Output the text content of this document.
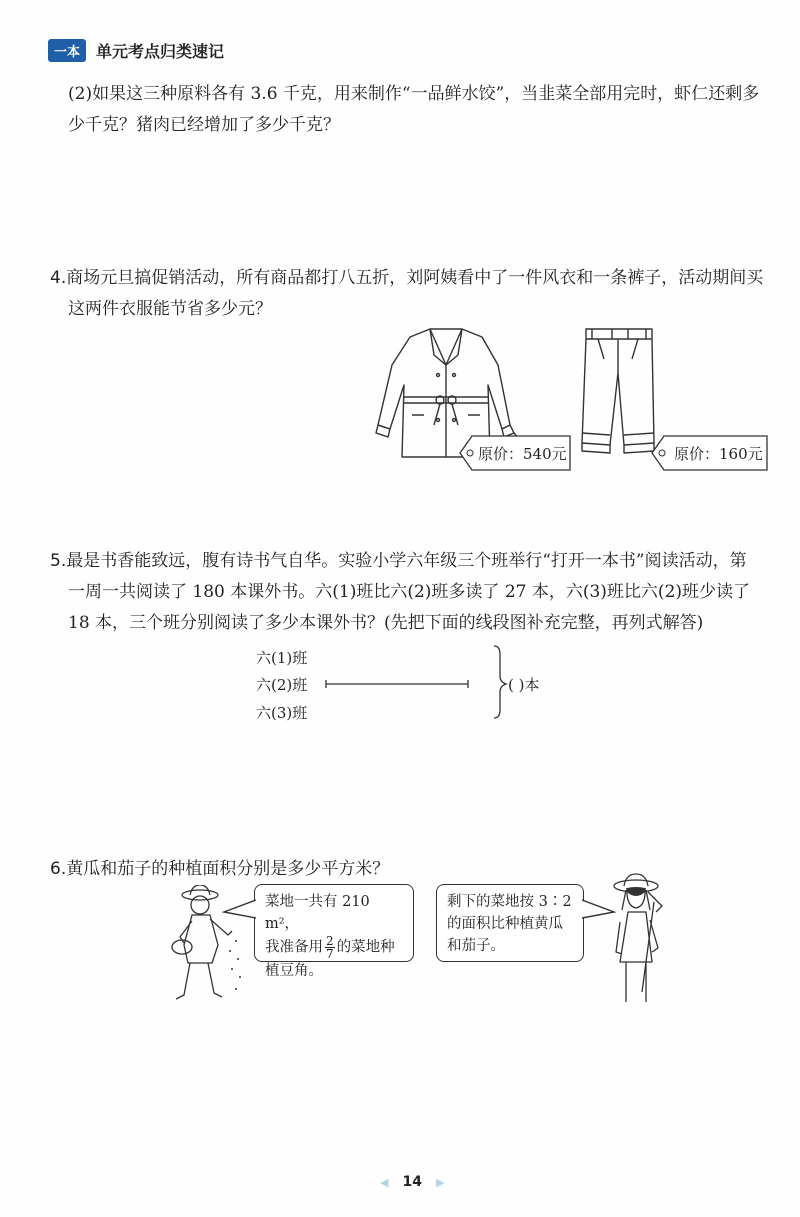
一本	单元考点归类速记
(2)如果这三种原料各有 3.6 千克，用来制作“一品鲜水饺”，当韭菜全部用完时，虾仁还剩多
少千克？猪肉已经增加了多少千克？
4.商场元旦搞促销活动，所有商品都打八五折，刘阿姨看中了一件风衣和一条裤子，活动期间买
这两件衣服能节省多少元？
原价：540元	原价：160元
5.最是书香能致远，腹有诗书气自华。实验小学六年级三个班举行“打开一本书”阅读活动，第
一周一共阅读了 180 本课外书。六(1)班比六(2)班多读了 27 本，六(3)班比六(2)班少读了
18 本，三个班分别阅读了多少本课外书？(先把下面的线段图补充完整，再列式解答)
六(1)班
六(2)班
六(3)班
( )本
6.黄瓜和茄子的种植面积分别是多少平方米？
菜地一共有 210 m²，
我准备用 $\frac{2}{7}$ 的菜地种
植豆角。
剩下的菜地按 3∶2
的面积比种植黄瓜
和茄子。
◀ 14 ▶
